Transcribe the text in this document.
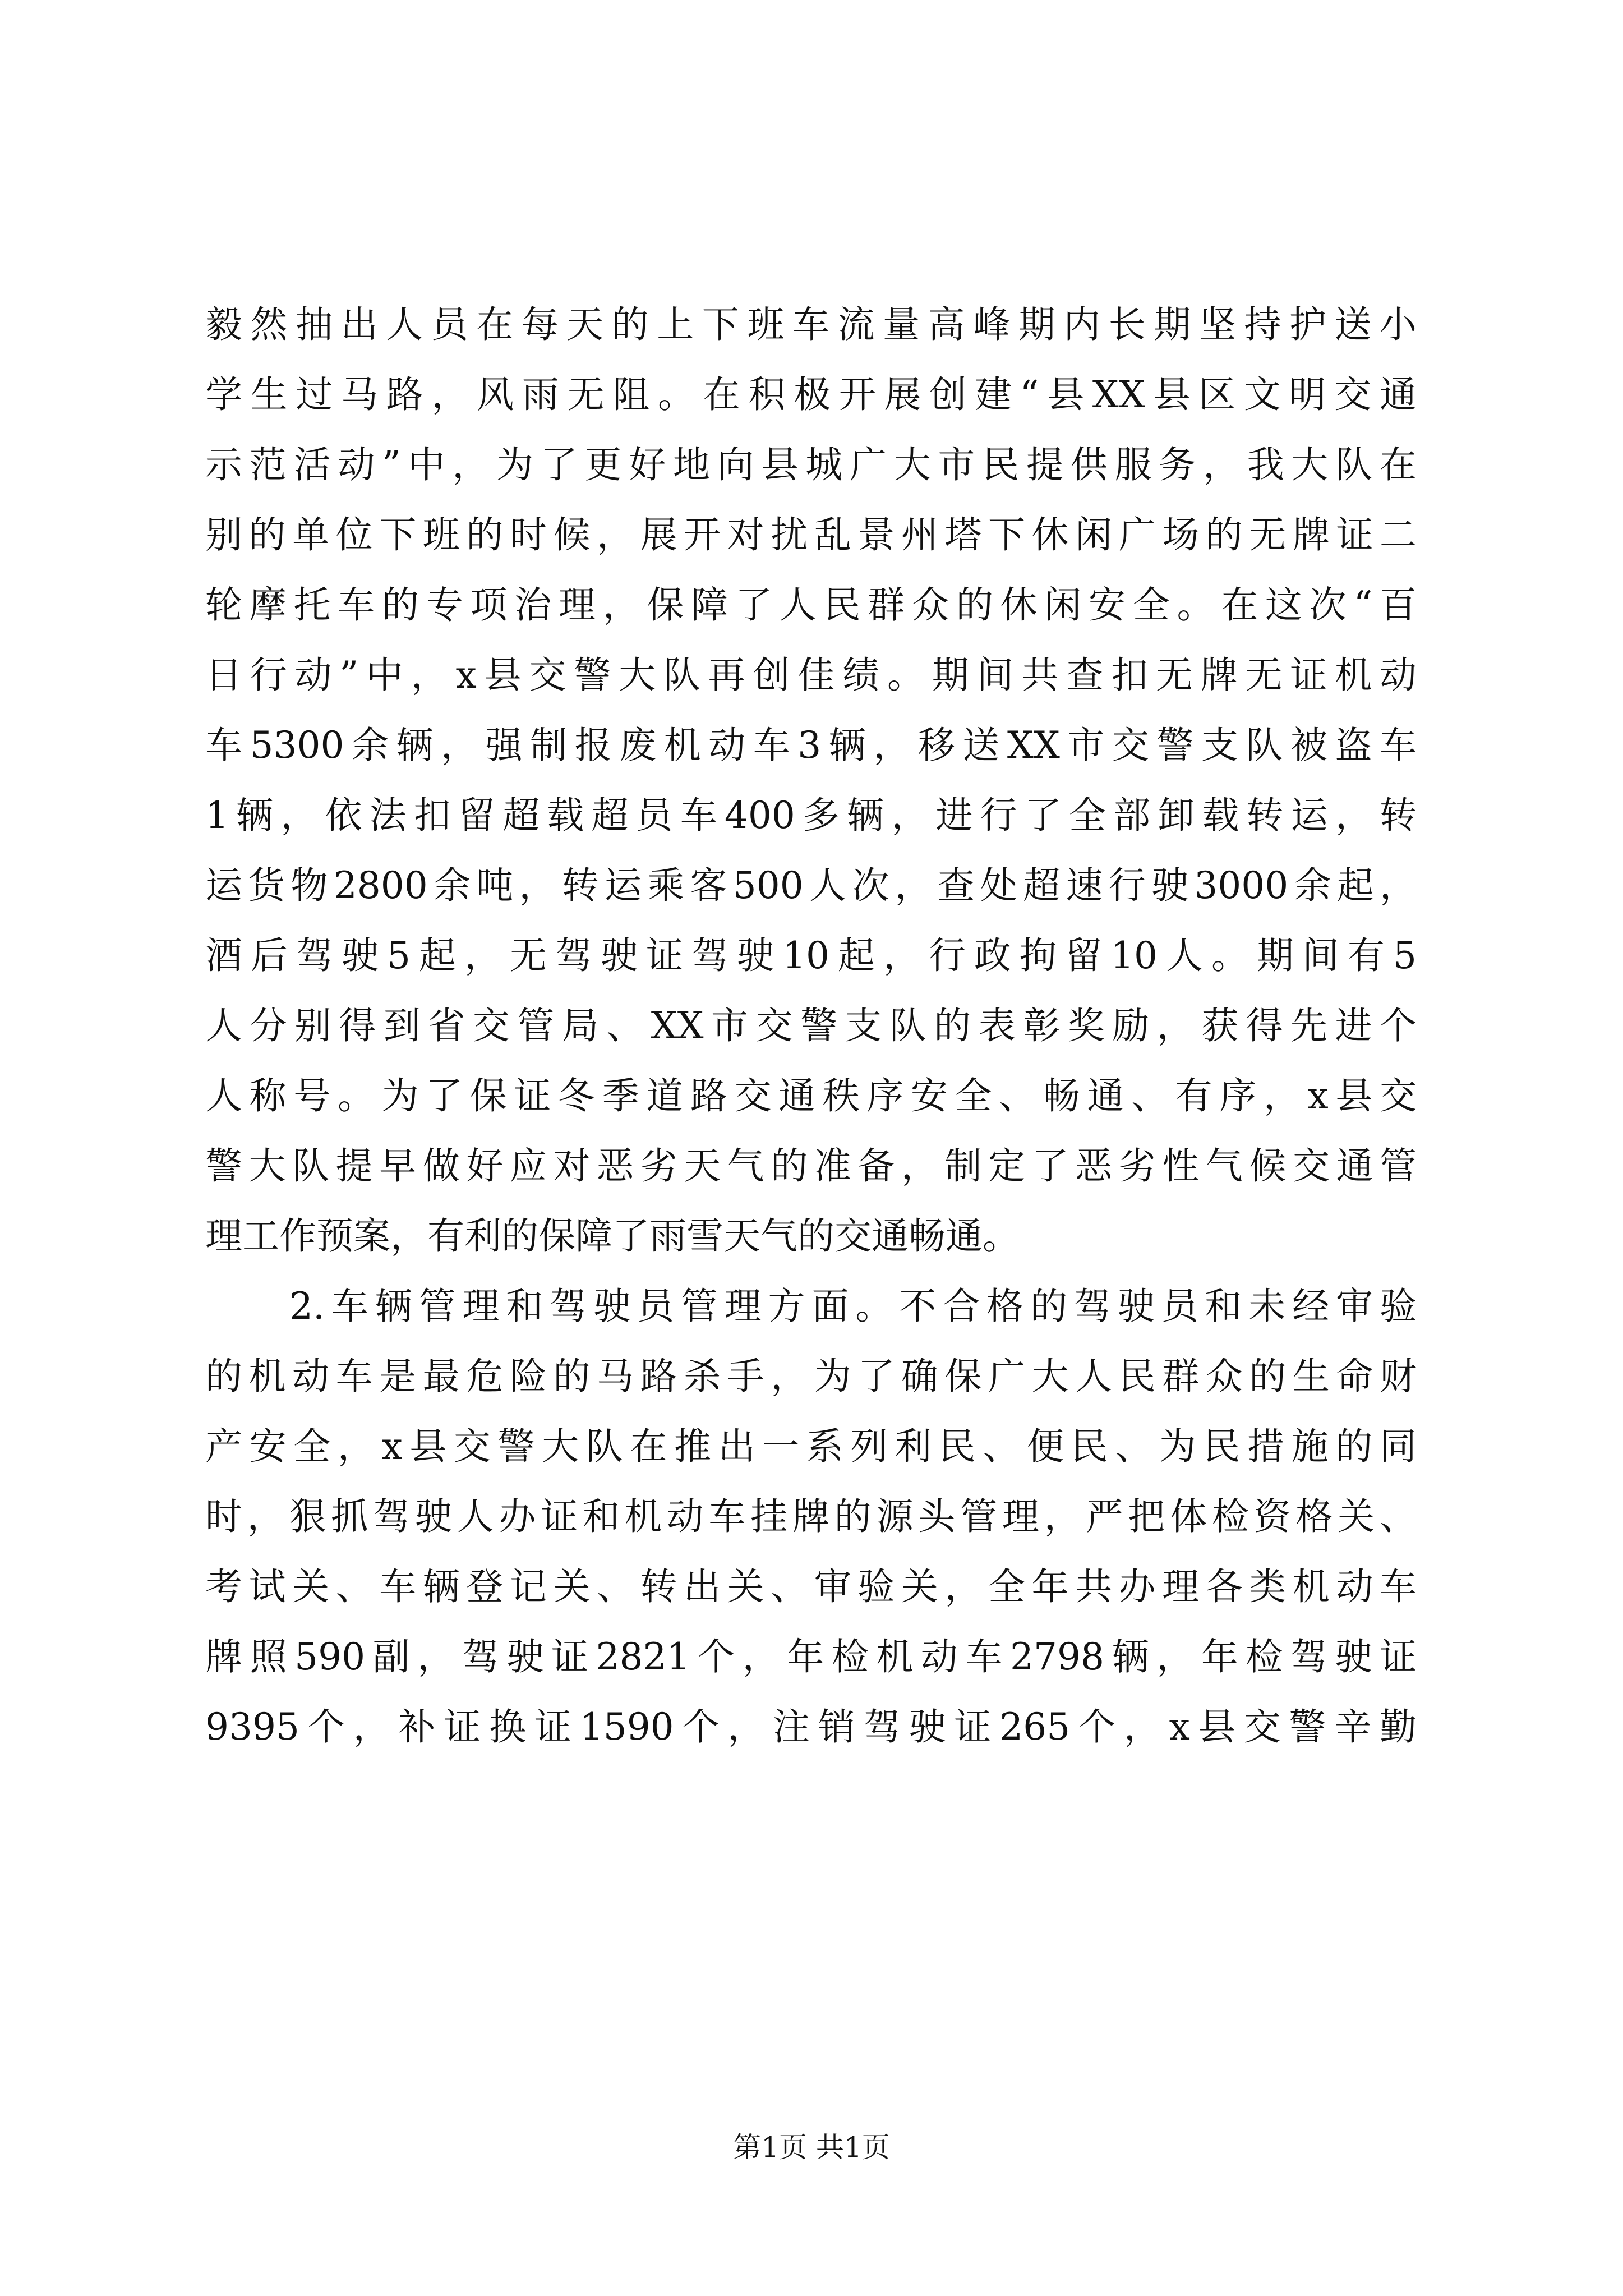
毅然抽出人员在每天的上下班车流量高峰期内长期坚持护送小
学生过马路，风雨无阻。在积极开展创建“县XX县区文明交通
示范活动”中，为了更好地向县城广大市民提供服务，我大队在
别的单位下班的时候，展开对扰乱景州塔下休闲广场的无牌证二
轮摩托车的专项治理，保障了人民群众的休闲安全。在这次“百
日行动”中，x县交警大队再创佳绩。期间共查扣无牌无证机动
车5300余辆，强制报废机动车3辆，移送XX市交警支队被盗车
1辆，依法扣留超载超员车400多辆，进行了全部卸载转运，转
运货物2800余吨，转运乘客500人次，查处超速行驶3000余起，
酒后驾驶5起，无驾驶证驾驶10起，行政拘留10人。期间有5
人分别得到省交管局、XX市交警支队的表彰奖励，获得先进个
人称号。为了保证冬季道路交通秩序安全、畅通、有序，x县交
警大队提早做好应对恶劣天气的准备，制定了恶劣性气候交通管
理工作预案，有利的保障了雨雪天气的交通畅通。
2.车辆管理和驾驶员管理方面。不合格的驾驶员和未经审验
的机动车是最危险的马路杀手，为了确保广大人民群众的生命财
产安全，x县交警大队在推出一系列利民、便民、为民措施的同
时，狠抓驾驶人办证和机动车挂牌的源头管理，严把体检资格关、
考试关、车辆登记关、转出关、审验关，全年共办理各类机动车
牌照590副，驾驶证2821个，年检机动车2798辆，年检驾驶证
9395个，补证换证1590个，注销驾驶证265个，x县交警辛勤
第1页 共1页
